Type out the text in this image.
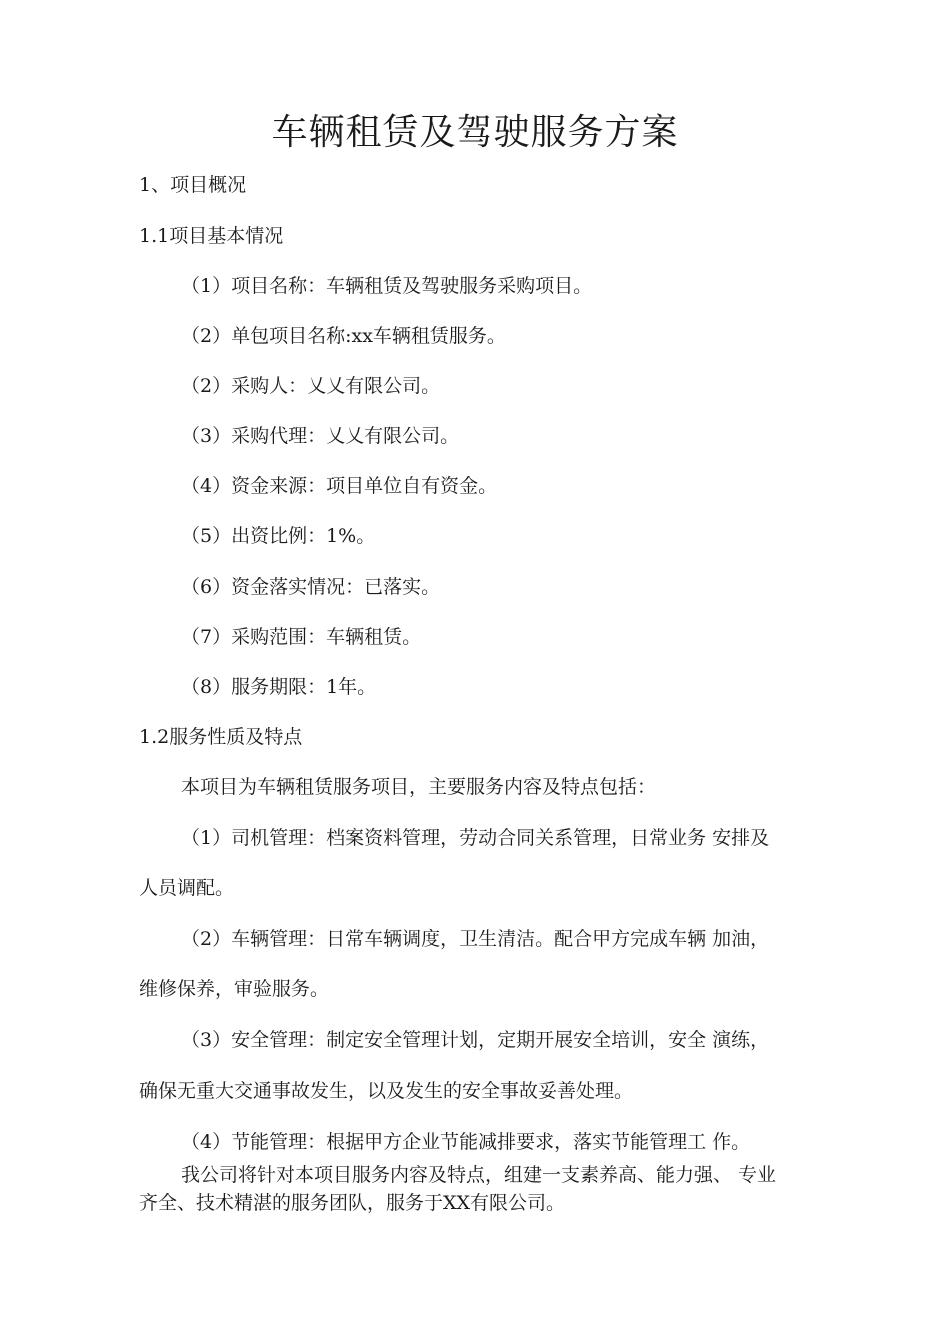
车辆租赁及驾驶服务方案
1、项目概况
1.1项目基本情况
（1）项目名称：车辆租赁及驾驶服务采购项目。
（2）单包项目名称:xx车辆租赁服务。
（2）采购人：乂乂有限公司。
（3）采购代理：乂乂有限公司。
（4）资金来源：项目单位自有资金。
（5）出资比例：1%。
（6）资金落实情况：已落实。
（7）采购范围：车辆租赁。
（8）服务期限：1年。
1.2服务性质及特点
本项目为车辆租赁服务项目，主要服务内容及特点包括：
（1）司机管理：档案资料管理，劳动合同关系管理，日常业务 安排及
人员调配。
（2）车辆管理：日常车辆调度，卫生清洁。配合甲方完成车辆 加油，
维修保养，审验服务。
（3）安全管理：制定安全管理计划，定期开展安全培训，安全 演练，
确保无重大交通事故发生，以及发生的安全事故妥善处理。
（4）节能管理：根据甲方企业节能减排要求，落实节能管理工 作。
我公司将针对本项目服务内容及特点，组建一支素养高、能力强、 专业
齐全、技术精湛的服务团队，服务于XX有限公司。
